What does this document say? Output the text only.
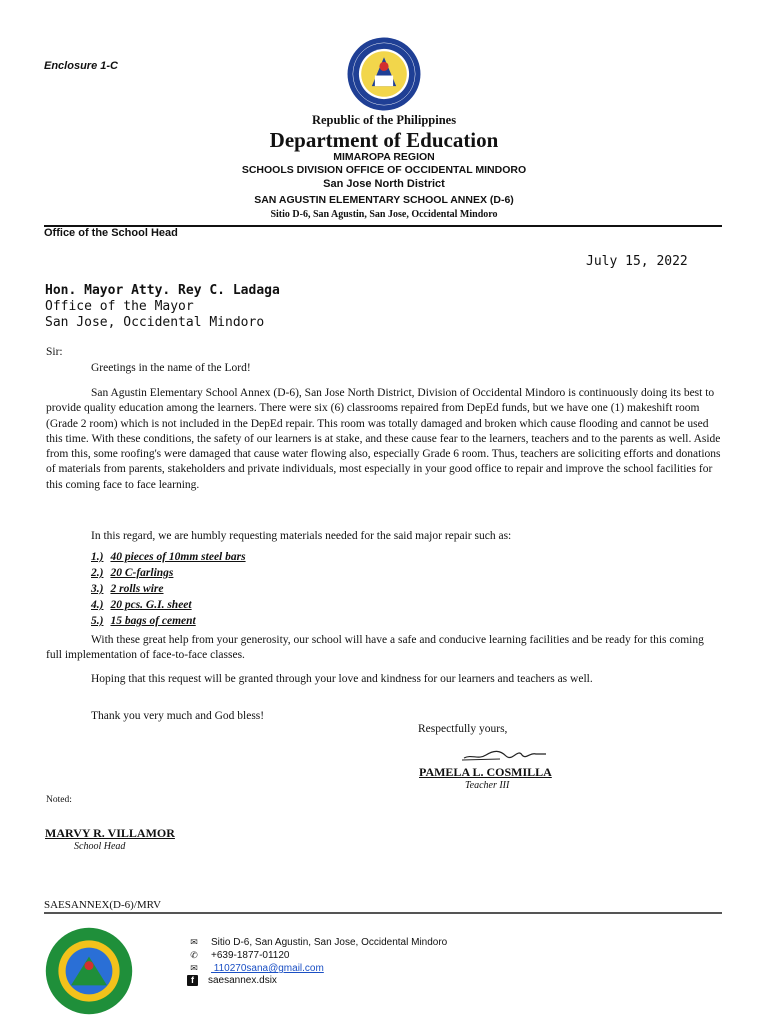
Enclosure 1-C
Republic of the Philippines
Department of Education
MIMAROPA REGION
SCHOOLS DIVISION OFFICE OF OCCIDENTAL MINDORO
San Jose North District
SAN AGUSTIN ELEMENTARY SCHOOL ANNEX (D-6)
Sitio D-6, San Agustin, San Jose, Occidental Mindoro
Office of the School Head
July 15, 2022
Hon. Mayor Atty. Rey C. Ladaga
Office of the Mayor
San Jose, Occidental Mindoro
Sir:
Greetings in the name of the Lord!

San Agustin Elementary School Annex (D-6), San Jose North District, Division of Occidental Mindoro is continuously doing its best to provide quality education among the learners. There were six (6) classrooms repaired from DepEd funds, but we have one (1) makeshift room (Grade 2 room) which is not included in the DepEd repair. This room was totally damaged and broken which cause flooding and cannot be used this time. With these conditions, the safety of our learners is at stake, and these cause fear to the learners, teachers and to the parents as well. Aside from this, some roofing's were damaged that cause water flowing also, especially Grade 6 room. Thus, teachers are soliciting efforts and donations of materials from parents, stakeholders and private individuals, most especially in your good office to repair and improve the school facilities for this coming face to face learning.

In this regard, we are humbly requesting materials needed for the said major repair such as:
1.) 40 pieces of 10mm steel bars
2.) 20 C-farlings
3.) 2 rolls wire
4.) 20 pcs. G.I. sheet
5.) 15 bags of cement

With these great help from your generosity, our school will have a safe and conducive learning facilities and be ready for this coming full implementation of face-to-face classes.

Hoping that this request will be granted through your love and kindness for our learners and teachers as well.

Thank you very much and God bless!
Respectfully yours,
PAMELA L. COSMILLA
Teacher III
Noted:
MARVY R. VILLAMOR
School Head
SAESANNEX(D-6)/MRV
✉ Sitio D-6, San Agustin, San Jose, Occidental Mindoro
✆ +639-1877-01120
✉ 110270sana@gmail.com
f saesannex.dsix
